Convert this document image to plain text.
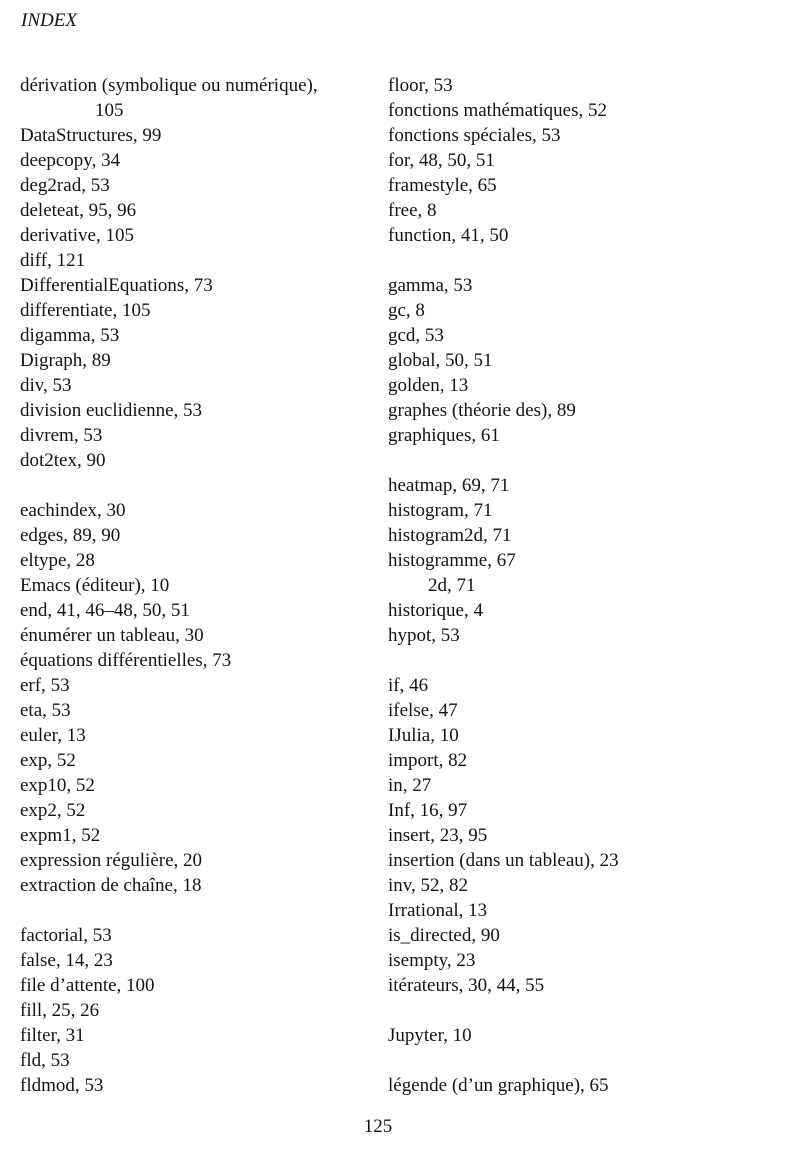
INDEX
dérivation (symbolique ou numérique),
105
DataStructures, 99
deepcopy, 34
deg2rad, 53
deleteat, 95, 96
derivative, 105
diff, 121
DifferentialEquations, 73
differentiate, 105
digamma, 53
Digraph, 89
div, 53
division euclidienne, 53
divrem, 53
dot2tex, 90
eachindex, 30
edges, 89, 90
eltype, 28
Emacs (éditeur), 10
end, 41, 46–48, 50, 51
énumérer un tableau, 30
équations différentielles, 73
erf, 53
eta, 53
euler, 13
exp, 52
exp10, 52
exp2, 52
expm1, 52
expression régulière, 20
extraction de chaîne, 18
factorial, 53
false, 14, 23
file d’attente, 100
fill, 25, 26
filter, 31
fld, 53
fldmod, 53
floor, 53
fonctions mathématiques, 52
fonctions spéciales, 53
for, 48, 50, 51
framestyle, 65
free, 8
function, 41, 50
gamma, 53
gc, 8
gcd, 53
global, 50, 51
golden, 13
graphes (théorie des), 89
graphiques, 61
heatmap, 69, 71
histogram, 71
histogram2d, 71
histogramme, 67
2d, 71
historique, 4
hypot, 53
if, 46
ifelse, 47
IJulia, 10
import, 82
in, 27
Inf, 16, 97
insert, 23, 95
insertion (dans un tableau), 23
inv, 52, 82
Irrational, 13
is_directed, 90
isempty, 23
itérateurs, 30, 44, 55
Jupyter, 10
légende (d’un graphique), 65
125
